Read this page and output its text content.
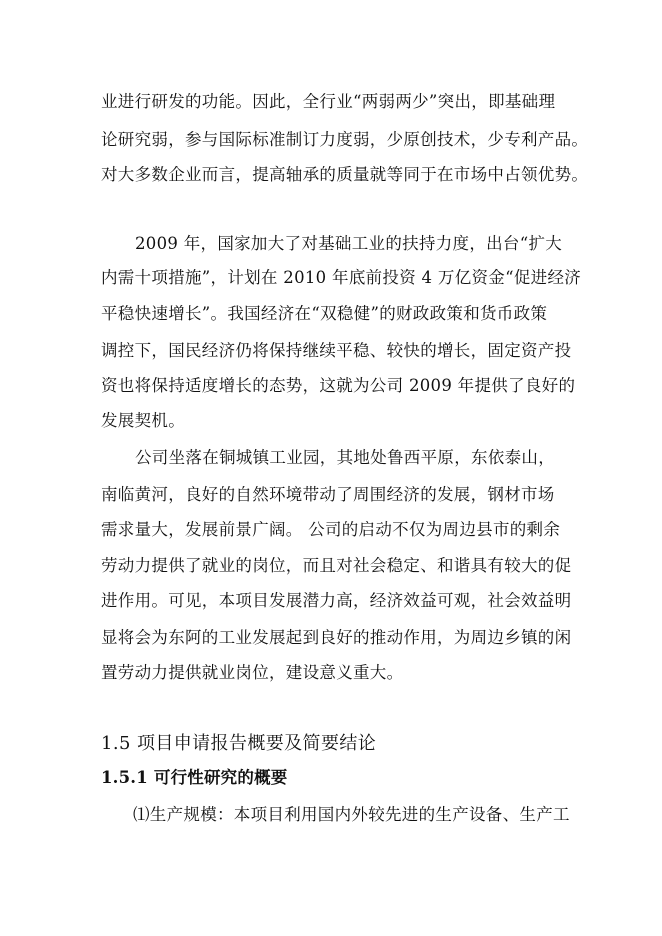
业进行研发的功能。因此，全行业“两弱两少”突出，即基础理
论研究弱，参与国际标准制订力度弱，少原创技术，少专利产品。
对大多数企业而言，提高轴承的质量就等同于在市场中占领优势。
2009 年，国家加大了对基础工业的扶持力度，出台“扩大
内需十项措施”，计划在 2010 年底前投资 4 万亿资金“促进经济
平稳快速增长”。我国经济在“双稳健”的财政政策和货币政策
调控下，国民经济仍将保持继续平稳、较快的增长，固定资产投
资也将保持适度增长的态势，这就为公司 2009 年提供了良好的
发展契机。
公司坐落在铜城镇工业园，其地处鲁西平原，东依泰山，
南临黄河，良好的自然环境带动了周围经济的发展，钢材市场
需求量大，发展前景广阔。 公司的启动不仅为周边县市的剩余
劳动力提供了就业的岗位，而且对社会稳定、和谐具有较大的促
进作用。可见，本项目发展潜力高，经济效益可观，社会效益明
显将会为东阿的工业发展起到良好的推动作用，为周边乡镇的闲
置劳动力提供就业岗位，建设意义重大。
1.5 项目申请报告概要及简要结论
1.5.1 可行性研究的概要
⑴生产规模：本项目利用国内外较先进的生产设备、生产工
